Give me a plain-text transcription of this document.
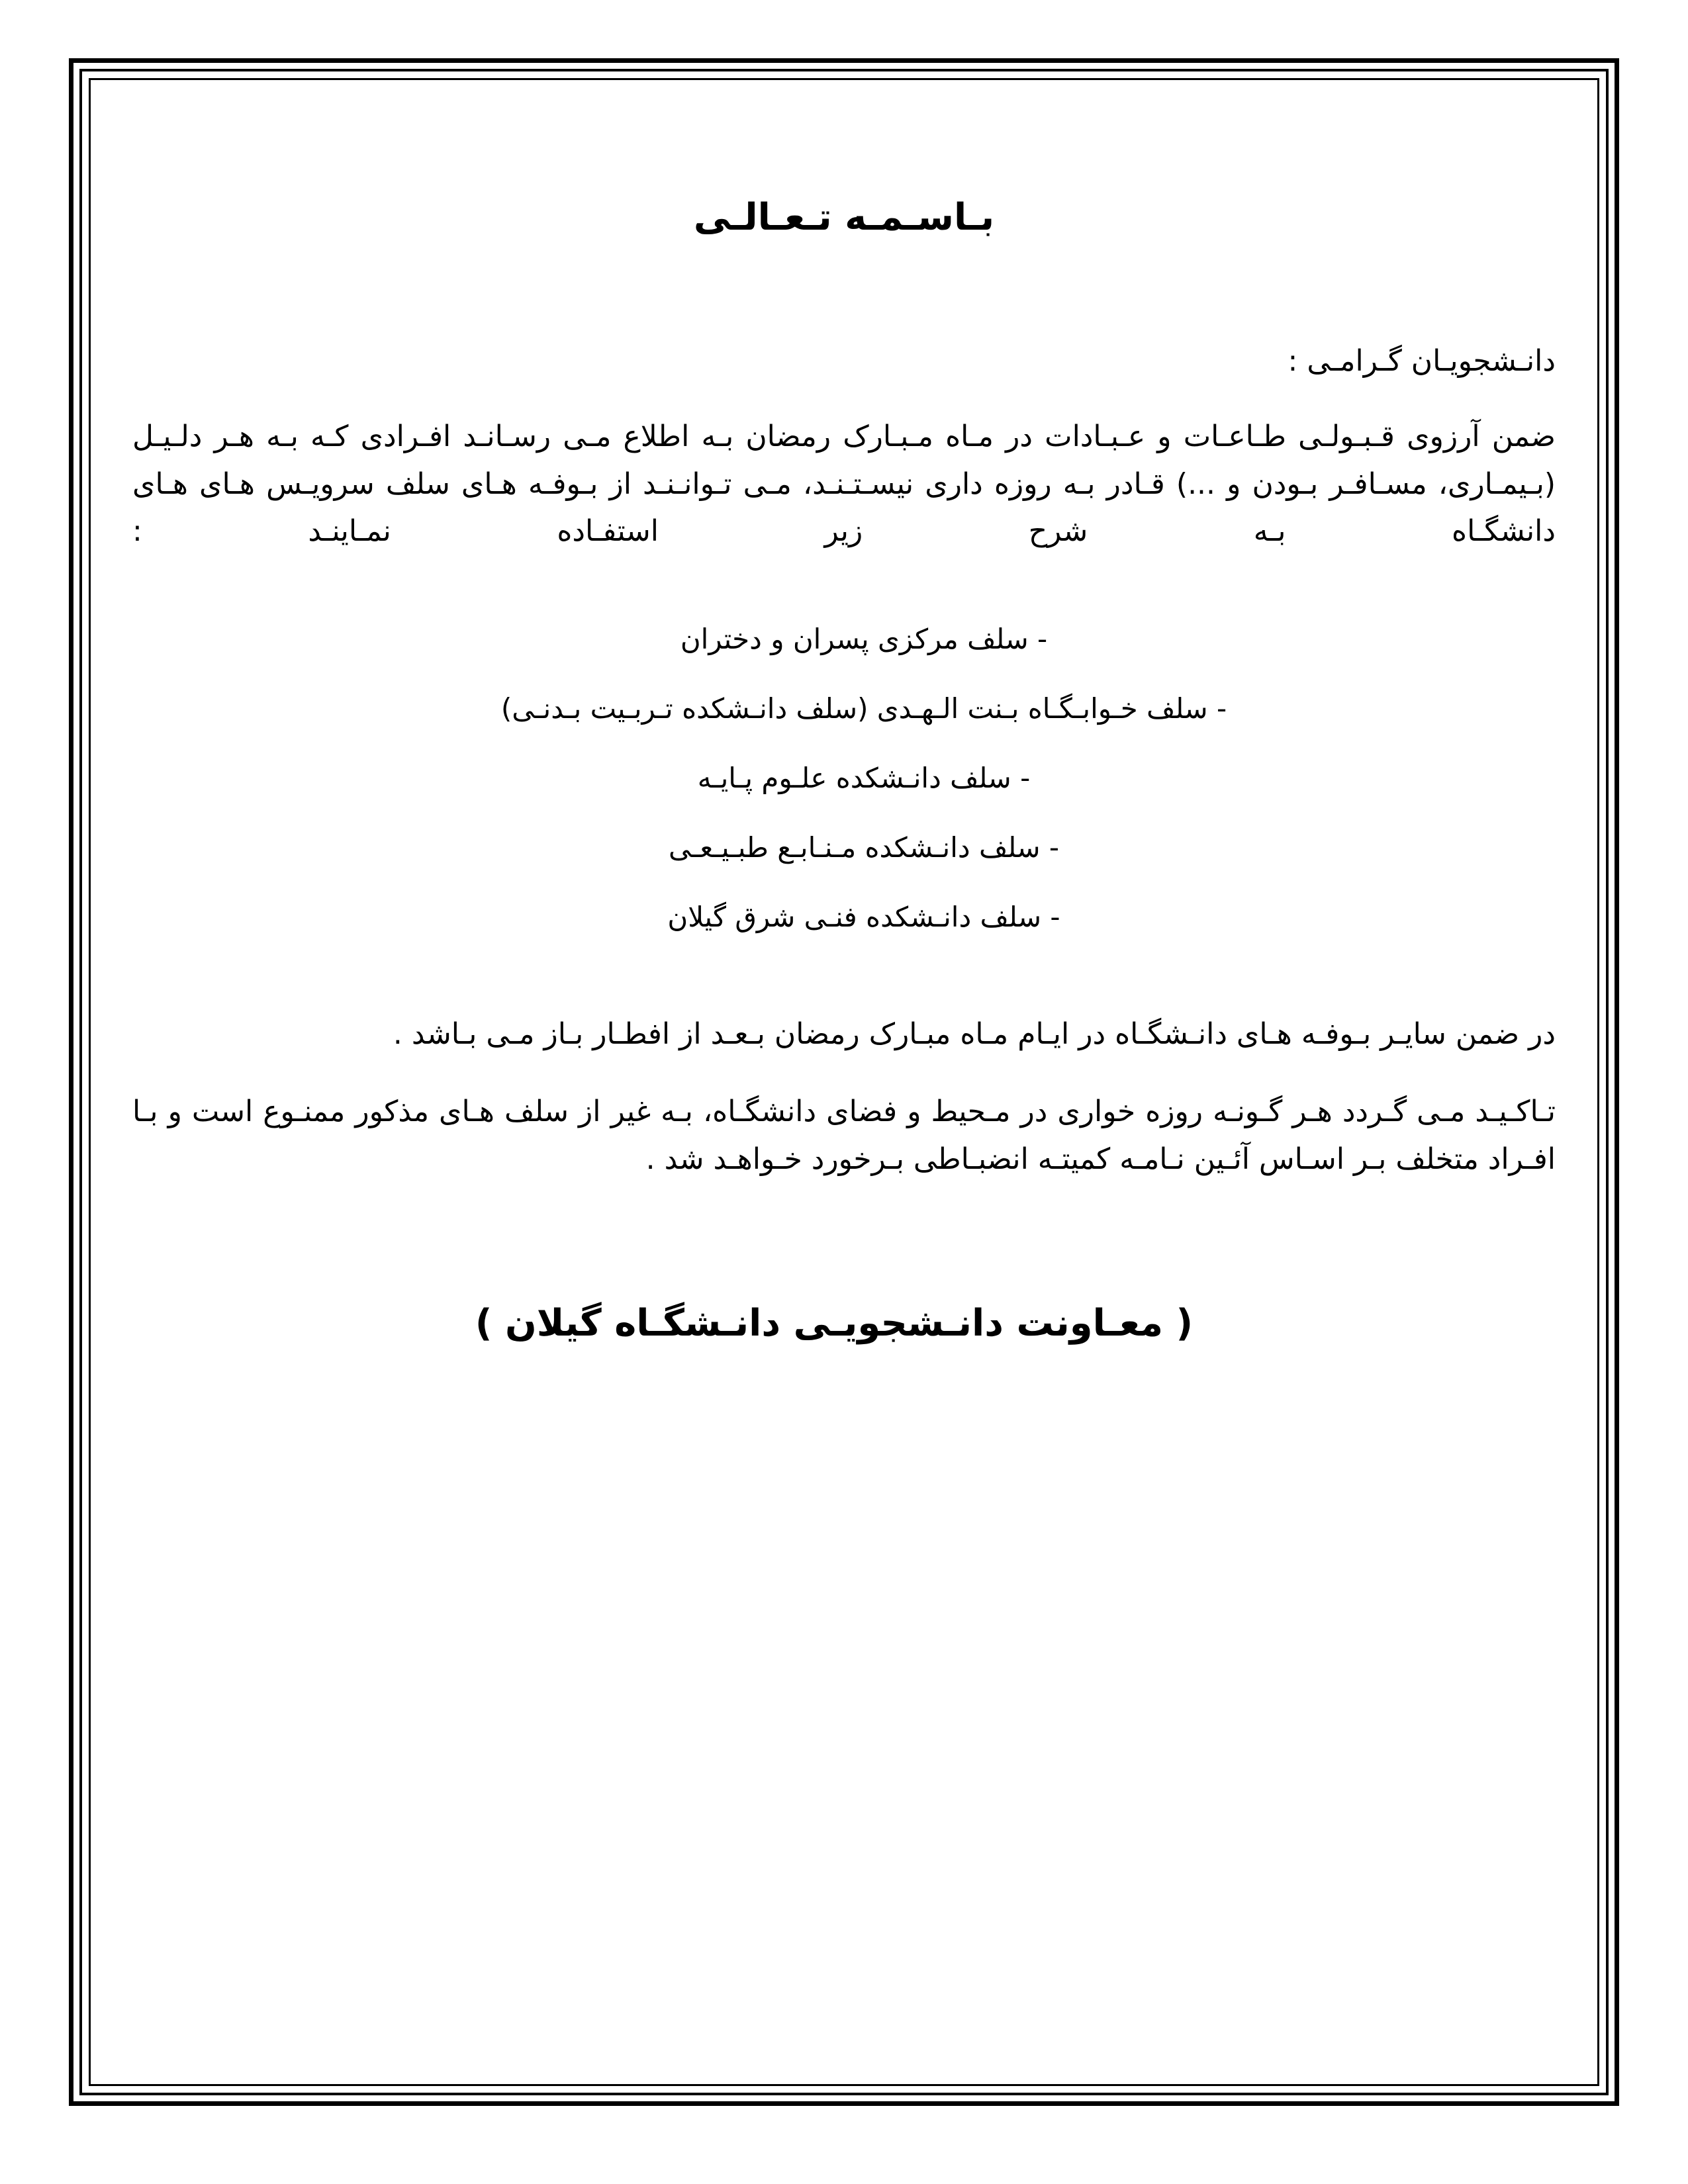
بـاسـمـه تـعـالـی

دانـشجویـان گـرامـی :

ضمن آرزوی قـبـولـی طـاعـات و عـبـادات در مـاه مـبـارک رمضان بـه اطلاع مـی رسـانـد افـرادی کـه بـه هـر دلـیـل (بـیمـاری، مسـافـر بـودن و ...) قـادر بـه روزه داری نیسـتـنـد، مـی تـوانـنـد از بـوفـه هـای سلف سرویـس هـای هـای دانشگـاه بـه شرح زیر استفـاده نمـاینـد :

- سلف مرکزی پسران و دختران
- سلف خـوابـگـاه بـنت الـهـدی (سلف دانـشکده تـربـیت بـدنـی)
- سلف دانـشکده علـوم پـایـه
- سلف دانـشکده مـنـابـع طبـیـعـی
- سلف دانـشکده فنـی شرق گیلان

در ضمن سایـر بـوفـه هـای دانـشگـاه در ایـام مـاه مبـارک رمضان بـعـد از افطـار بـاز مـی بـاشد .

تـاکـیـد مـی گـردد هـر گـونـه روزه خواری در مـحیط و فضای دانشگـاه، بـه غیر از سلف هـای مذکور ممنـوع است و بـا افـراد متخلف بـر اسـاس آئـین نـامـه کمیتـه انضبـاطی بـرخورد خـواهـد شد .

( معـاونت دانـشجویـی دانـشگـاه گیلان )
